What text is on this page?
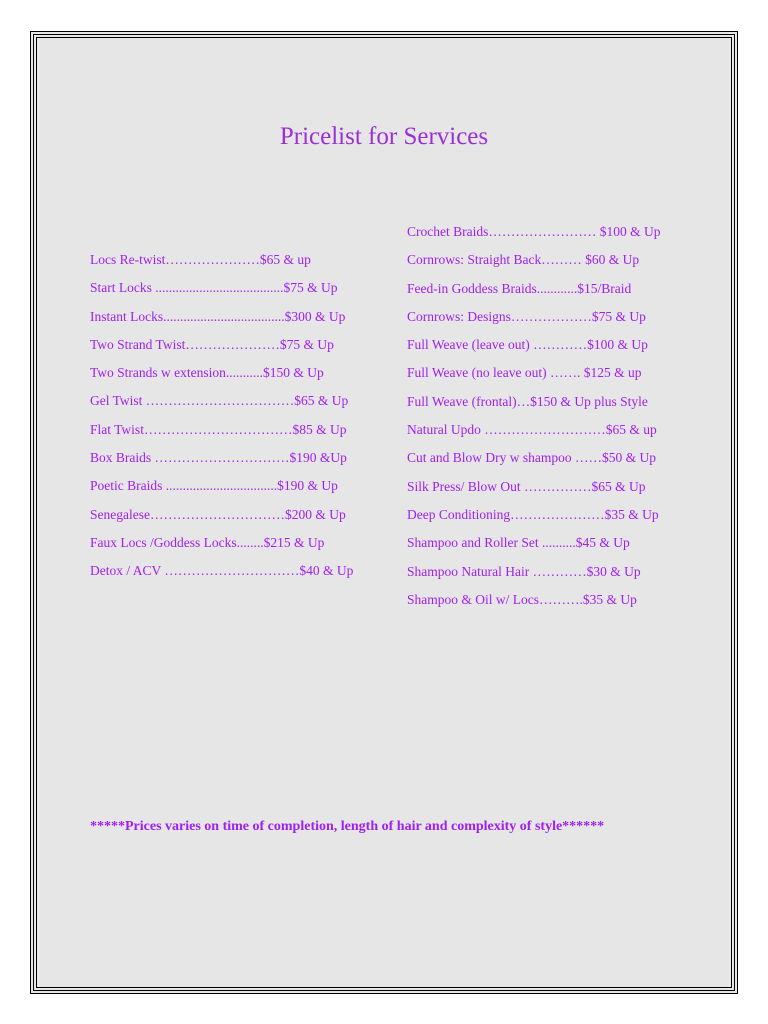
Pricelist for Services
Locs Re-twist…………………$65 & up
Start Locks ......................................$75 & Up
Instant Locks....................................$300 & Up
Two Strand Twist…………………$75 & Up
Two Strands w extension...........$150 & Up
Gel Twist ……………………………$65 & Up
Flat Twist……………………………$85 & Up
Box Braids …………………………$190 &Up
Poetic Braids .................................$190 & Up
Senegalese…………………………$200 & Up
Faux Locs /Goddess Locks........$215 & Up
Detox / ACV …………………………$40 & Up
Crochet Braids…………………… $100 & Up
Cornrows: Straight Back……… $60 & Up
Feed-in Goddess Braids............$15/Braid
Cornrows: Designs………………$75 & Up
Full Weave (leave out) …………$100 & Up
Full Weave (no leave out) ……. $125 & up
Full Weave (frontal)…$150 & Up plus Style
Natural Updo ………………………$65 & up
Cut and Blow Dry w shampoo ……$50 & Up
Silk Press/ Blow Out ……………$65 & Up
Deep Conditioning…………………$35 & Up
Shampoo and Roller Set ..........$45 & Up
Shampoo Natural Hair …………$30 & Up
Shampoo & Oil w/ Locs……….$35 & Up
*****Prices varies on time of completion, length of hair and complexity of style******
